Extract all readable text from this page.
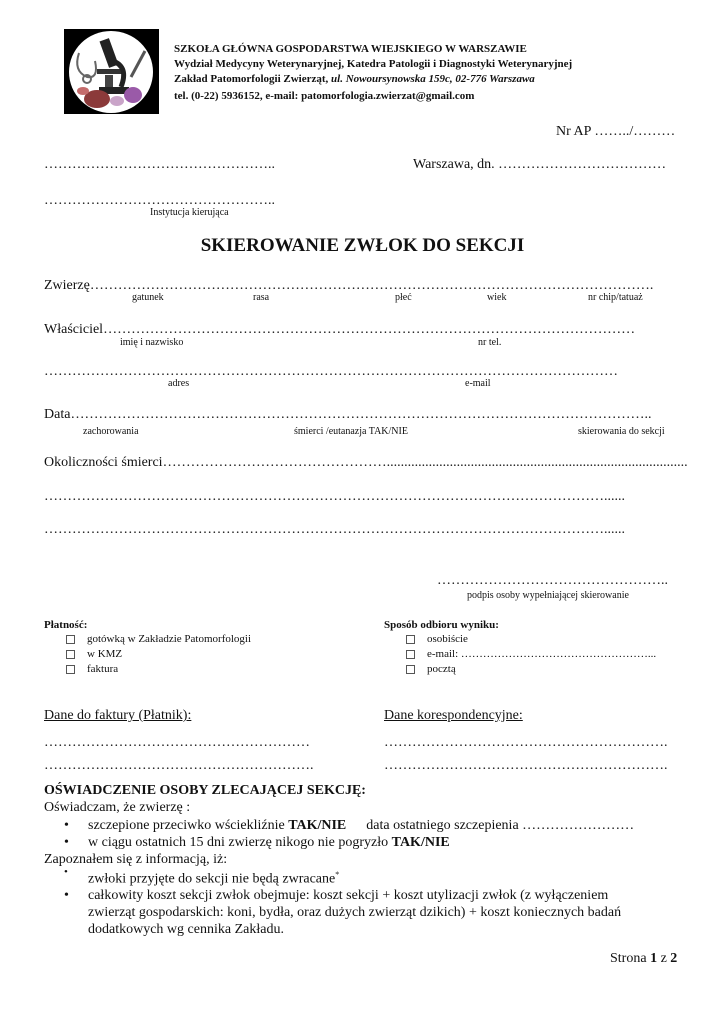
SZKOŁA GŁÓWNA GOSPODARSTWA WIEJSKIEGO W WARSZAWIE
Wydział Medycyny Weterynaryjnej, Katedra Patologii i Diagnostyki Weterynaryjnej
Zakład Patomorfologii Zwierząt, ul. Nowoursynowska 159c, 02-776 Warszawa
tel. (0-22) 5936152, e-mail: patomorfologia.zwierzat@gmail.com
Nr AP ……../………
…………………………………………..	Warszawa, dn. ………………………………
…………………………………………..
Instytucja kierująca
SKIEROWANIE ZWŁOK DO SEKCJI
Zwierzę………………………………………………………………………………………………………….
gatunek	rasa	płeć	wiek	nr chip/tatuaż
Właściciel……………………………………………………………………………………………………
imię i nazwisko	nr tel.
……………………………………………………………………………………………………………
adres	e-mail
Data……………………………………………………………………………………………………………..
zachorowania	śmierci /eutanazja TAK/NIE	skierowania do sekcji
Okoliczności śmierci…………………………………………......................................................................................
…………………………………………………………………………………………………………......
…………………………………………………………………………………………………………......
…………………………………………..
podpis osoby wypełniającej skierowanie
Płatność:
gotówką w Zakładzie Patomorfologii
w KMZ
faktura
Sposób odbioru wyniku:
osobiście
e-mail: ……………………………………………...
pocztą
Dane do faktury (Płatnik):
…………………………………………………
………………………………………………….
Dane korespondencyjne:
…………………………………………………….
…………………………………………………….
OŚWIADCZENIE OSOBY ZLECAJĄCEJ SEKCJĘ:
Oświadczam, że zwierzę :
• szczepione przeciwko wściekliźnie TAK/NIE data ostatniego szczepienia ……………………
• w ciągu ostatnich 15 dni zwierzę nikogo nie pogryzło TAK/NIE
Zapoznałem się z informacją, iż:
• zwłoki przyjęte do sekcji nie będą zwracane*
• całkowity koszt sekcji zwłok obejmuje: koszt sekcji + koszt utylizacji zwłok (z wyłączeniem
zwierząt gospodarskich: koni, bydła, oraz dużych zwierząt dzikich) + koszt koniecznych badań
dodatkowych wg cennika Zakładu.
Strona 1 z 2
